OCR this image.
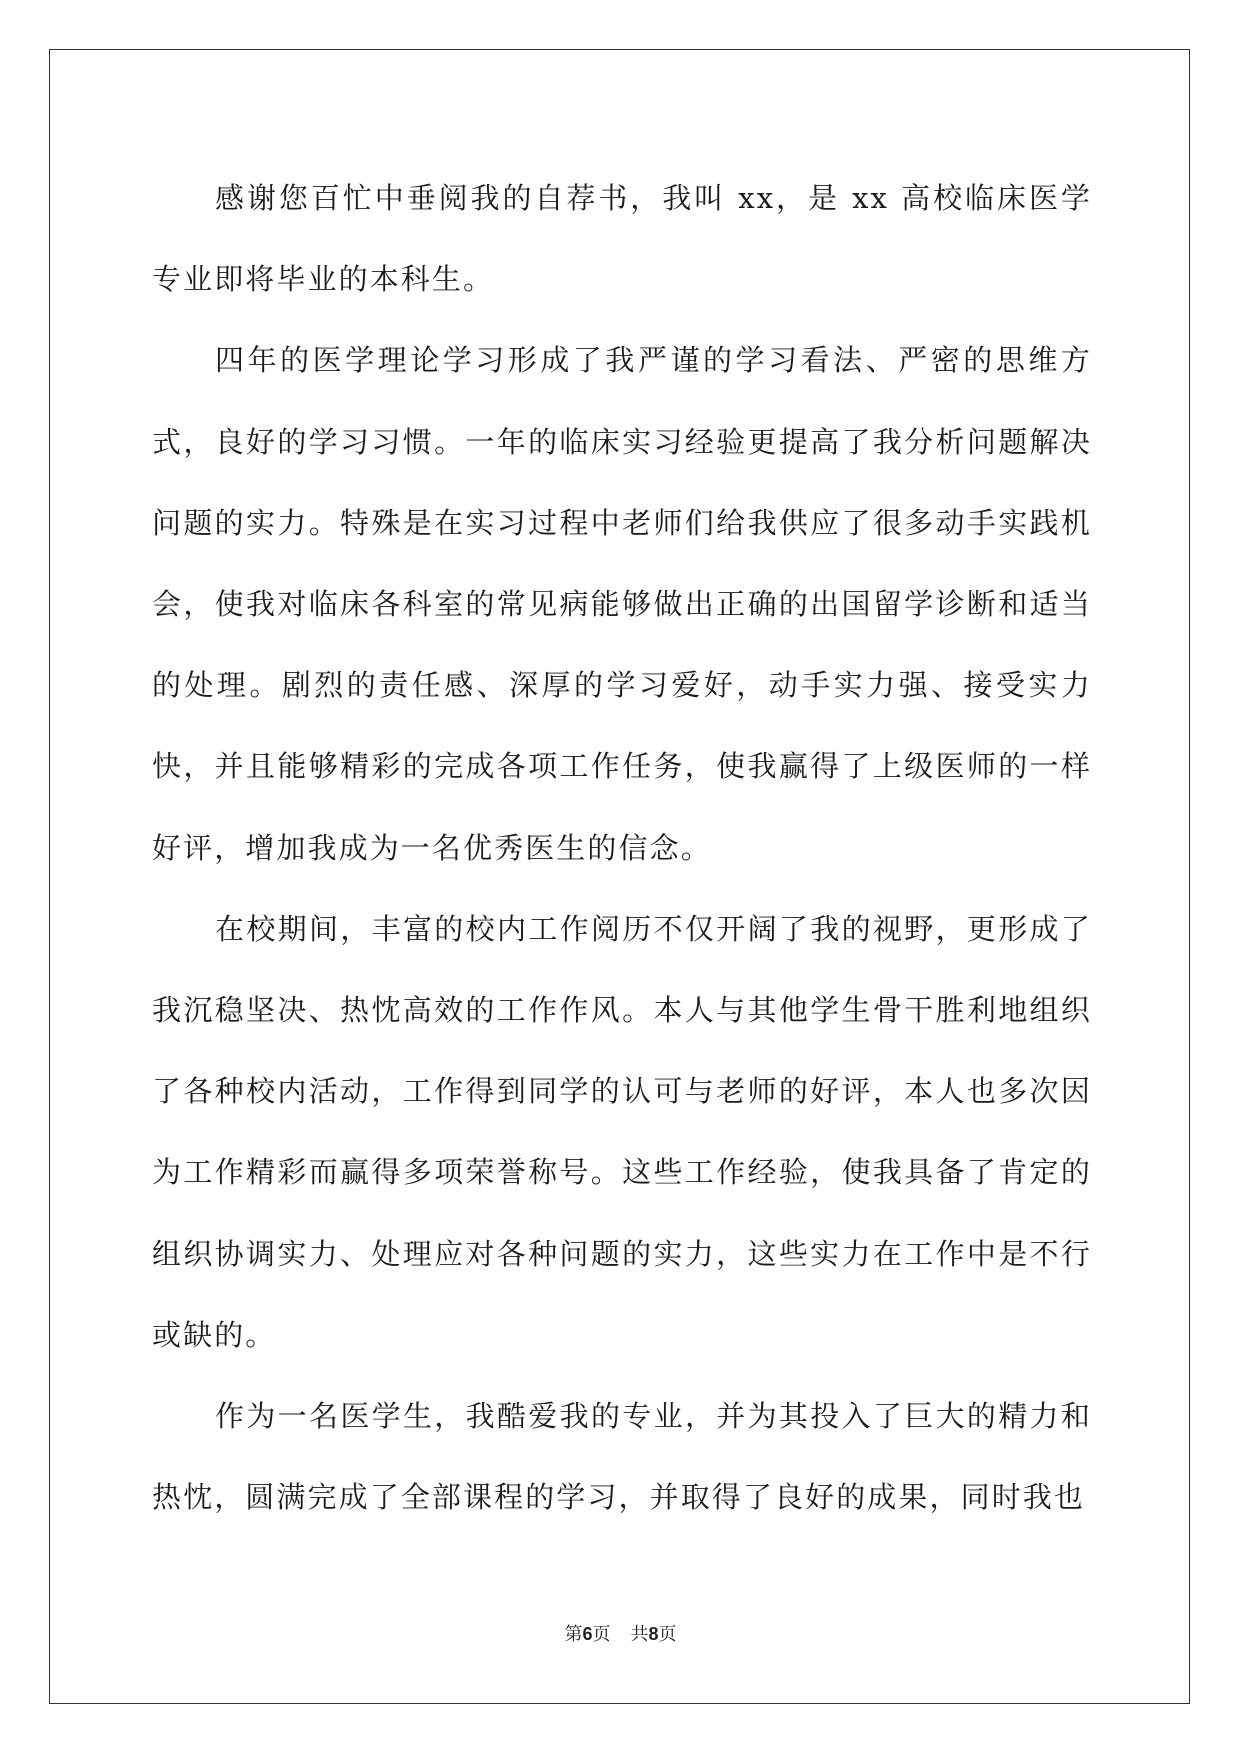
感谢您百忙中垂阅我的自荐书，我叫 xx，是 xx 高校临床医学专业即将毕业的本科生。

四年的医学理论学习形成了我严谨的学习看法、严密的思维方式，良好的学习习惯。一年的临床实习经验更提高了我分析问题解决问题的实力。特殊是在实习过程中老师们给我供应了很多动手实践机会，使我对临床各科室的常见病能够做出正确的出国留学诊断和适当的处理。剧烈的责任感、深厚的学习爱好，动手实力强、接受实力快，并且能够精彩的完成各项工作任务，使我赢得了上级医师的一样好评，增加我成为一名优秀医生的信念。

在校期间，丰富的校内工作阅历不仅开阔了我的视野，更形成了我沉稳坚决、热忱高效的工作作风。本人与其他学生骨干胜利地组织了各种校内活动，工作得到同学的认可与老师的好评，本人也多次因为工作精彩而赢得多项荣誉称号。这些工作经验，使我具备了肯定的组织协调实力、处理应对各种问题的实力，这些实力在工作中是不行或缺的。

作为一名医学生，我酷爱我的专业，并为其投入了巨大的精力和热忱，圆满完成了全部课程的学习，并取得了良好的成果，同时我也

第6页 共8页
